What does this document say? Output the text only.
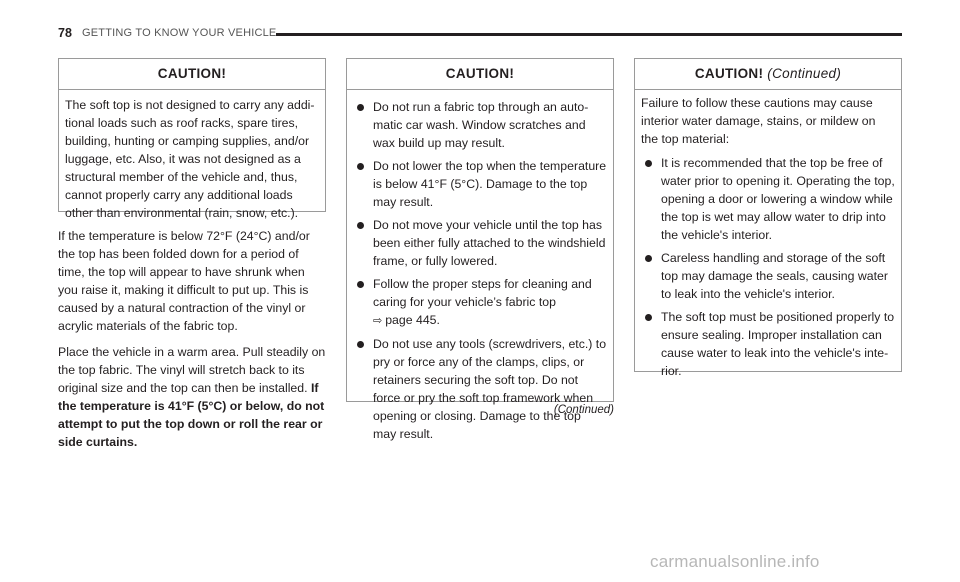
78 GETTING TO KNOW YOUR VEHICLE
CAUTION!

The soft top is not designed to carry any addi- tional loads such as roof racks, spare tires, building, hunting or camping supplies, and/or luggage, etc. Also, it was not designed as a structural member of the vehicle and, thus, cannot properly carry any additional loads other than environmental (rain, snow, etc.).

If the temperature is below 72°F (24°C) and/or the top has been folded down for a period of time, the top will appear to have shrunk when you raise it, making it difficult to put up. This is caused by a natural contraction of the vinyl or acrylic materials of the fabric top.

Place the vehicle in a warm area. Pull steadily on the top fabric. The vinyl will stretch back to its original size and the top can then be installed. If the temperature is 41°F (5°C) or below, do not attempt to put the top down or roll the rear or side curtains.

CAUTION!
Do not run a fabric top through an auto- matic car wash. Window scratches and wax build up may result.
Do not lower the top when the temperature is below 41°F (5°C). Damage to the top may result.
Do not move your vehicle until the top has been either fully attached to the windshield frame, or fully lowered.
Follow the proper steps for cleaning and caring for your vehicle’s fabric top
⇨ page 445.
Do not use any tools (screwdrivers, etc.) to pry or force any of the clamps, clips, or retainers securing the soft top. Do not force or pry the soft top framework when opening or closing. Damage to the top may result.
(Continued)
CAUTION! (Continued)

Failure to follow these cautions may cause interior water damage, stains, or mildew on the top material:

It is recommended that the top be free of water prior to opening it. Operating the top, opening a door or lowering a window while the top is wet may allow water to drip into the vehicle's interior.
Careless handling and storage of the soft top may damage the seals, causing water to leak into the vehicle's interior.
The soft top must be positioned properly to ensure sealing. Improper installation can cause water to leak into the vehicle's inte- rior.
carmanualsonline.info
